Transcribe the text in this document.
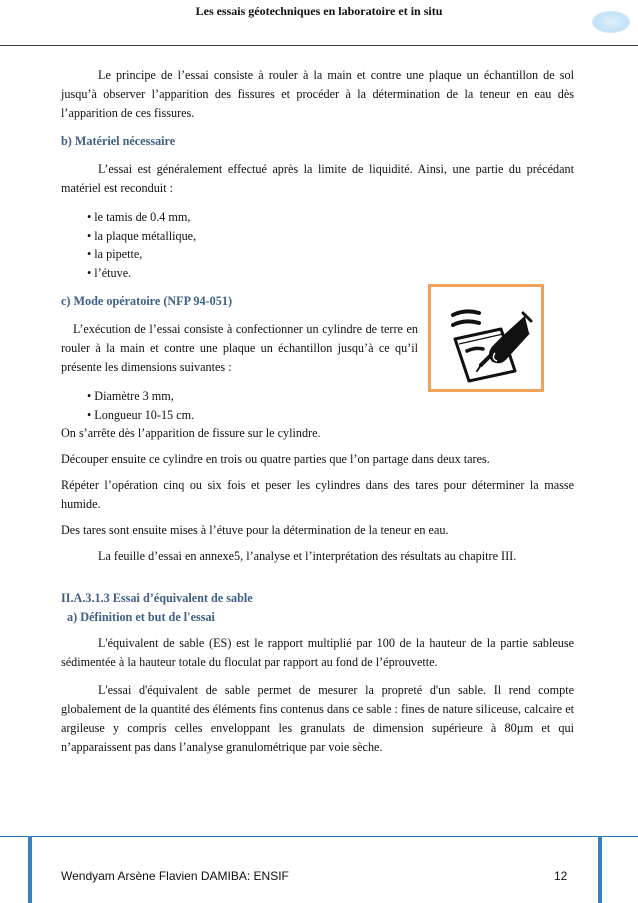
Les essais géotechniques en laboratoire et in situ

Le principe de l’essai consiste à rouler à la main et contre une plaque un échantillon de sol jusqu’à observer l’apparition des fissures et procéder à la détermination de la teneur en eau dès l’apparition de ces fissures.

b) Matériel nécessaire

L’essai est généralement effectué après la limite de liquidité. Ainsi, une partie du précédant matériel est reconduit :

• le tamis de 0.4 mm,
• la plaque métallique,
• la pipette,
• l’étuve.

c) Mode opératoire (NFP 94-051)

L’exécution de l’essai consiste à confectionner un cylindre de terre en rouler à la main et contre une plaque un échantillon jusqu’à ce qu’il présente les dimensions suivantes :

• Diamètre 3 mm,
• Longueur 10-15 cm.

On s’arrête dès l’apparition de fissure sur le cylindre.

Découper ensuite ce cylindre en trois ou quatre parties que l’on partage dans deux tares.

Répéter l’opération cinq ou six fois et peser les cylindres dans des tares pour déterminer la masse humide.

Des tares sont ensuite mises à l’étuve pour la détermination de la teneur en eau.

La feuille d’essai en annexe5, l’analyse et l’interprétation des résultats au chapitre III.

II.A.3.1.3 Essai d’équivalent de sable

a) Définition et but de l'essai

L'équivalent de sable (ES) est le rapport multiplié par 100 de la hauteur de la partie sableuse sédimentée à la hauteur totale du floculat par rapport au fond de l’éprouvette.

L'essai d'équivalent de sable permet de mesurer la propreté d'un sable. Il rend compte globalement de la quantité des éléments fins contenus dans ce sable : fines de nature siliceuse, calcaire et argileuse y compris celles enveloppant les granulats de dimension supérieure à 80µm et qui n’apparaissent pas dans l’analyse granulométrique par voie sèche.

Wendyam Arsène Flavien DAMIBA: ENSIF	12
